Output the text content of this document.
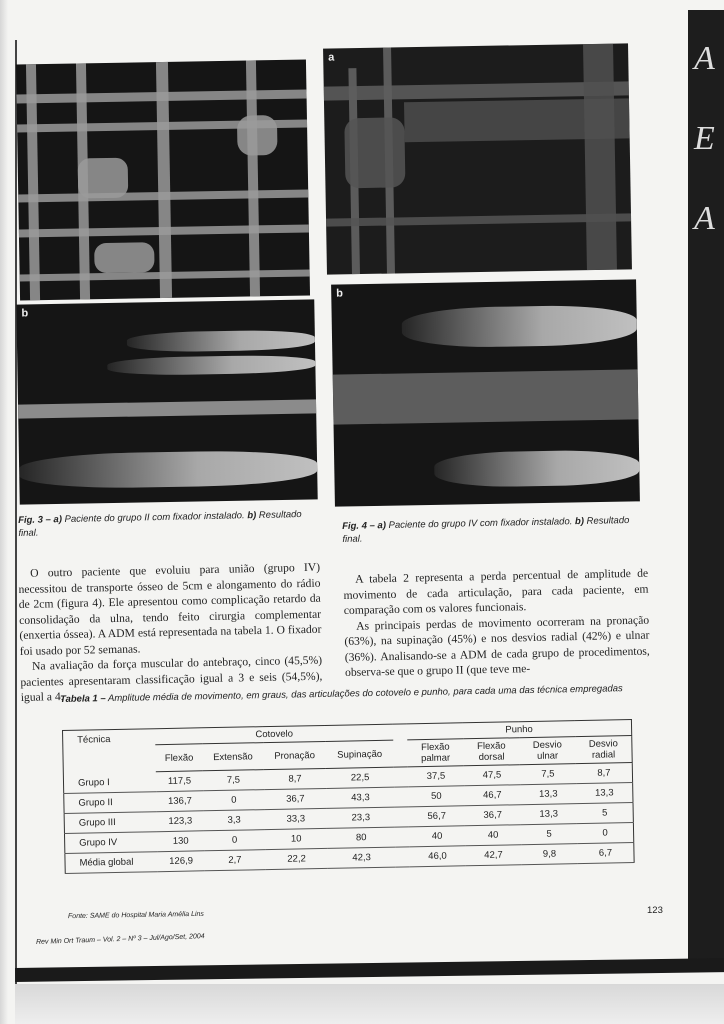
A
E
A
b
a
b
Fig. 3 – a) Paciente do grupo II com fixador instalado. b) Resultado final.
Fig. 4 – a) Paciente do grupo IV com fixador instalado. b) Resultado final.

O outro paciente que evoluiu para união (grupo IV) necessitou de transporte ósseo de 5cm e alongamento do rádio de 2cm (figura 4). Ele apresentou como complicação retardo da consolidação da ulna, tendo feito cirurgia complementar (enxertia óssea). A ADM está representada na tabela 1. O fixador foi usado por 52 semanas.

Na avaliação da força muscular do antebraço, cinco (45,5%) pacientes apresentaram classificação igual a 3 e seis (54,5%), igual a 4.

A tabela 2 representa a perda percentual de amplitude de movimento de cada articulação, para cada paciente, em comparação com os valores funcionais.

As principais perdas de movimento ocorreram na pronação (63%), na supinação (45%) e nos desvios radial (42%) e ulnar (36%). Analisando-se a ADM de cada grupo de procedimentos, observa-se que o grupo II (que teve me-

Tabela 1 – Amplitude média de movimento, em graus, das articulações do cotovelo e punho, para cada uma das técnica empregadas
Técnica	Cotovelo					Punho			
	Flexão	Extensão	Pronação	Supinação		Flexão palmar	Flexão dorsal	Desvio ulnar	Desvio radial
Grupo I	117,5	7,5	8,7	22,5		37,5	47,5	7,5	8,7
Grupo II	136,7	0	36,7	43,3		50	46,7	13,3	13,3
Grupo III	123,3	3,3	33,3	23,3		56,7	36,7	13,3	5
Grupo IV	130	0	10	80		40	40	5	0
Média global	126,9	2,7	22,2	42,3		46,0	42,7	9,8	6,7
Fonte: SAME do Hospital Maria Amélia Lins	123
Rev Min Ort Traum – Vol. 2 – Nº 3 – Jul/Ago/Set, 2004
